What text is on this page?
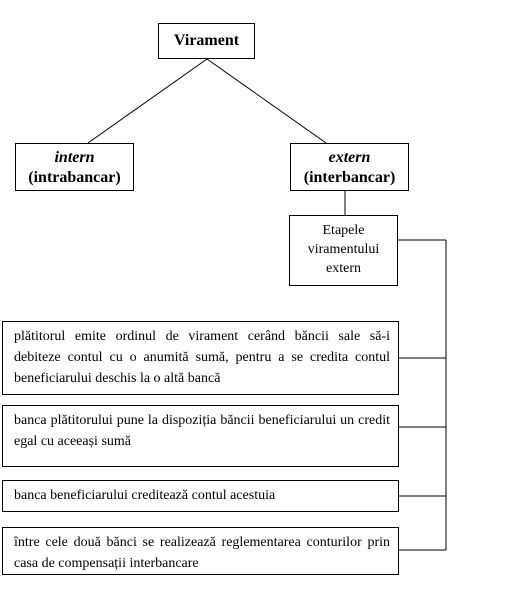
Virament
intern
(intrabancar)
extern
(interbancar)
Etapele
viramentului
extern
plătitorul emite ordinul de virament cerând băncii sale să-i debiteze contul cu o anumită sumă, pentru a se credita contul beneficiarului deschis la o altă bancă
banca plătitorului pune la dispoziția băncii beneficiarului un credit egal cu aceeași sumă
banca beneficiarului creditează contul acestuia
între cele două bănci se realizează reglementarea conturilor prin casa de compensații interbancare
